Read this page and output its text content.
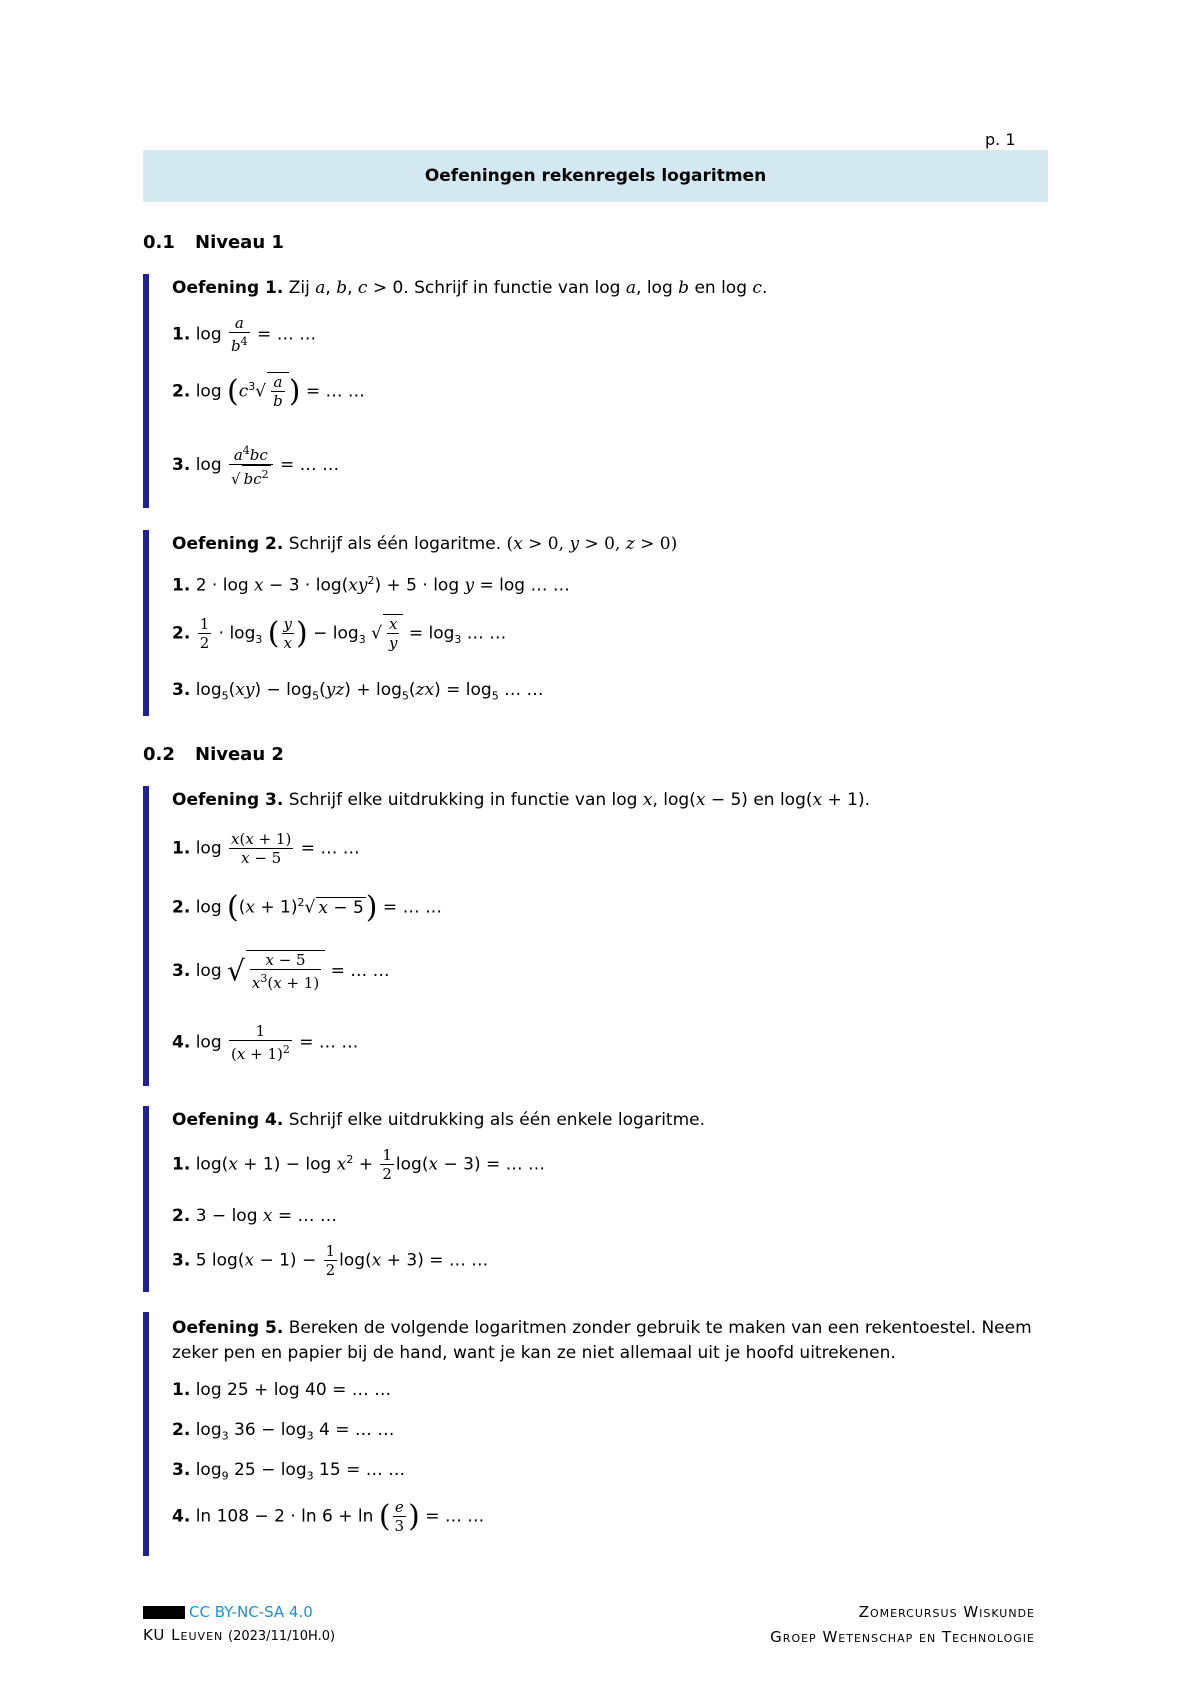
p. 1
Oefeningen rekenregels logaritmen
0.1 Niveau 1
Oefening 1. Zij a, b, c > 0. Schrijf in functie van log a, log b en log c.
1. $\log \frac{a}{b^4}$ = … …
2. $\log (c^3√ \frac{a}{b}$ ) = … …
3. $\log \frac{a^4bc}{√ bc^2}$ = … …
Oefening 2. Schrijf als één logaritme. (x > 0, y > 0, z > 0)
1. $2 \cdot \log x - 3 \cdot \log(xy^2) + 5 \cdot \log y = \log$ … …
2. $\frac{1}{2} \cdot \log_3$ ( $\frac{y}{x}$ ) − $\log_3$ √ $\frac{x}{y} = \log_3$ … …
3. $\log_5(xy) - \log_5(yz) + \log_5(zx) = \log_5$ … …
0.2 Niveau 2
Oefening 3. Schrijf elke uitdrukking in functie van log x, log(x − 5) en log(x + 1).
1. $\log \frac{x(x + 1)}{x - 5}$ = … …
2. $\log ((x + 1)^2√$ x − 5) = … …
3. log √ $\frac{x - 5}{x^3(x + 1)}$ = … …
4. $\log \frac{1}{(x + 1)^2}$ = … …
Oefening 4. Schrijf elke uitdrukking als één enkele logaritme.
1. $\log(x + 1) - \log x^2 + \frac{1}{2} \log(x - 3)$ = … …
2. 3 − log x = … …
3. 5 $\log(x - 1) - \frac{1}{2} \log(x + 3)$ = … …
Oefening 5. Bereken de volgende logaritmen zonder gebruik te maken van een rekentoestel. Neem zeker pen en papier bij de hand, want je kan ze niet allemaal uit je hoofd uitrekenen.
1. log 25 + log 40 = … …
2. $\log_3 36 - \log_3 4$ = … …
3. $\log_9 25 - \log_3 15$ = … …
4. ln 108 − 2 · ln 6 + ln ( $\frac{e}{3}$ ) = … …
CC BY-NC-SA 4.0
KU Leuven (2023/11/10H.0)
Zomercursus Wiskunde
Groep Wetenschap en Technologie
